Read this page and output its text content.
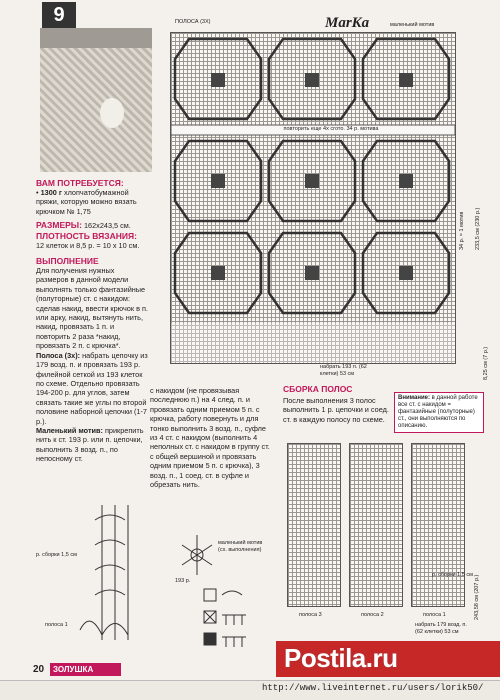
9	ПОЛОСА (3Х)	MarKa	маленький мотив
повторить еще 4x сгото. 34 р. мотива
34 р. = 1 мотив	233,5 см (230 р.)
8,25 см (7 р.)
набрать 193 п. (62 клетки) 53 см
ВАМ ПОТРЕБУЕТСЯ:
• 1300 г хлопчатобумажной пряжи, которую можно вязать крючком № 1,75
РАЗМЕРЫ: 162х243,5 см.
ПЛОТНОСТЬ ВЯЗАНИЯ:
12 клеток и 8,5 р. = 10 х 10 см.
ВЫПОЛНЕНИЕ
Для получения нужных размеров в данной модели выполнять только фантазийные (полуторные) ст. с накидом: сделав накид, ввести крючок в п. или арку, накид, вытянуть нить, накид, провязать 1 п. и повторить 2 раза *накид, провязать 2 п. с крючка*.
Полоса (3х): набрать цепочку из 179 возд. п. и провязать 193 р. филейной сеткой из 193 клеток по схеме. Отдельно провязать 194-200 р. для углов, затем связать такие же углы по второй половине наборной цепочки (1-7 р.).
Маленький мотив: прикрепить нить к ст. 193 р. или п. цепочки, выполнить 3 возд. п., по непосному ст.
с накидом (не провязывая последнюю п.) на 4 след. п. и провязать одним приемом 5 п. с крючка, работу повернуть и для тонко выполнить 3 возд. п., суфле из 4 ст. с накидом (выполнить 4 неполных ст. с накидом в группу ст. с общей вершиной и провязать одним приемом 5 п. с крючка), 3 возд. п., 1 соед. ст. в суфле и обрезать нить.
СБОРКА ПОЛОС
После выполнения 3 полос выполнить 1 р. цепочки и соед. ст. в каждую полосу по схеме.
Внимание: в данной работе все ст. с накидом = фантазийные (полуторные) ст., они выполняются по описанию.
р. сборки 1,5 см
полоса 1
маленький мотив (сх. выполнения)
193 р.
полоса 3	полоса 2	полоса 1
р. сборки 1,5 см
набрать 179 возд. п. (62 клетки) 53 см
243,58 см (207 р.)
20	ЗОЛУШКА	Postila.ru
http://www.liveinternet.ru/users/lorik50/
